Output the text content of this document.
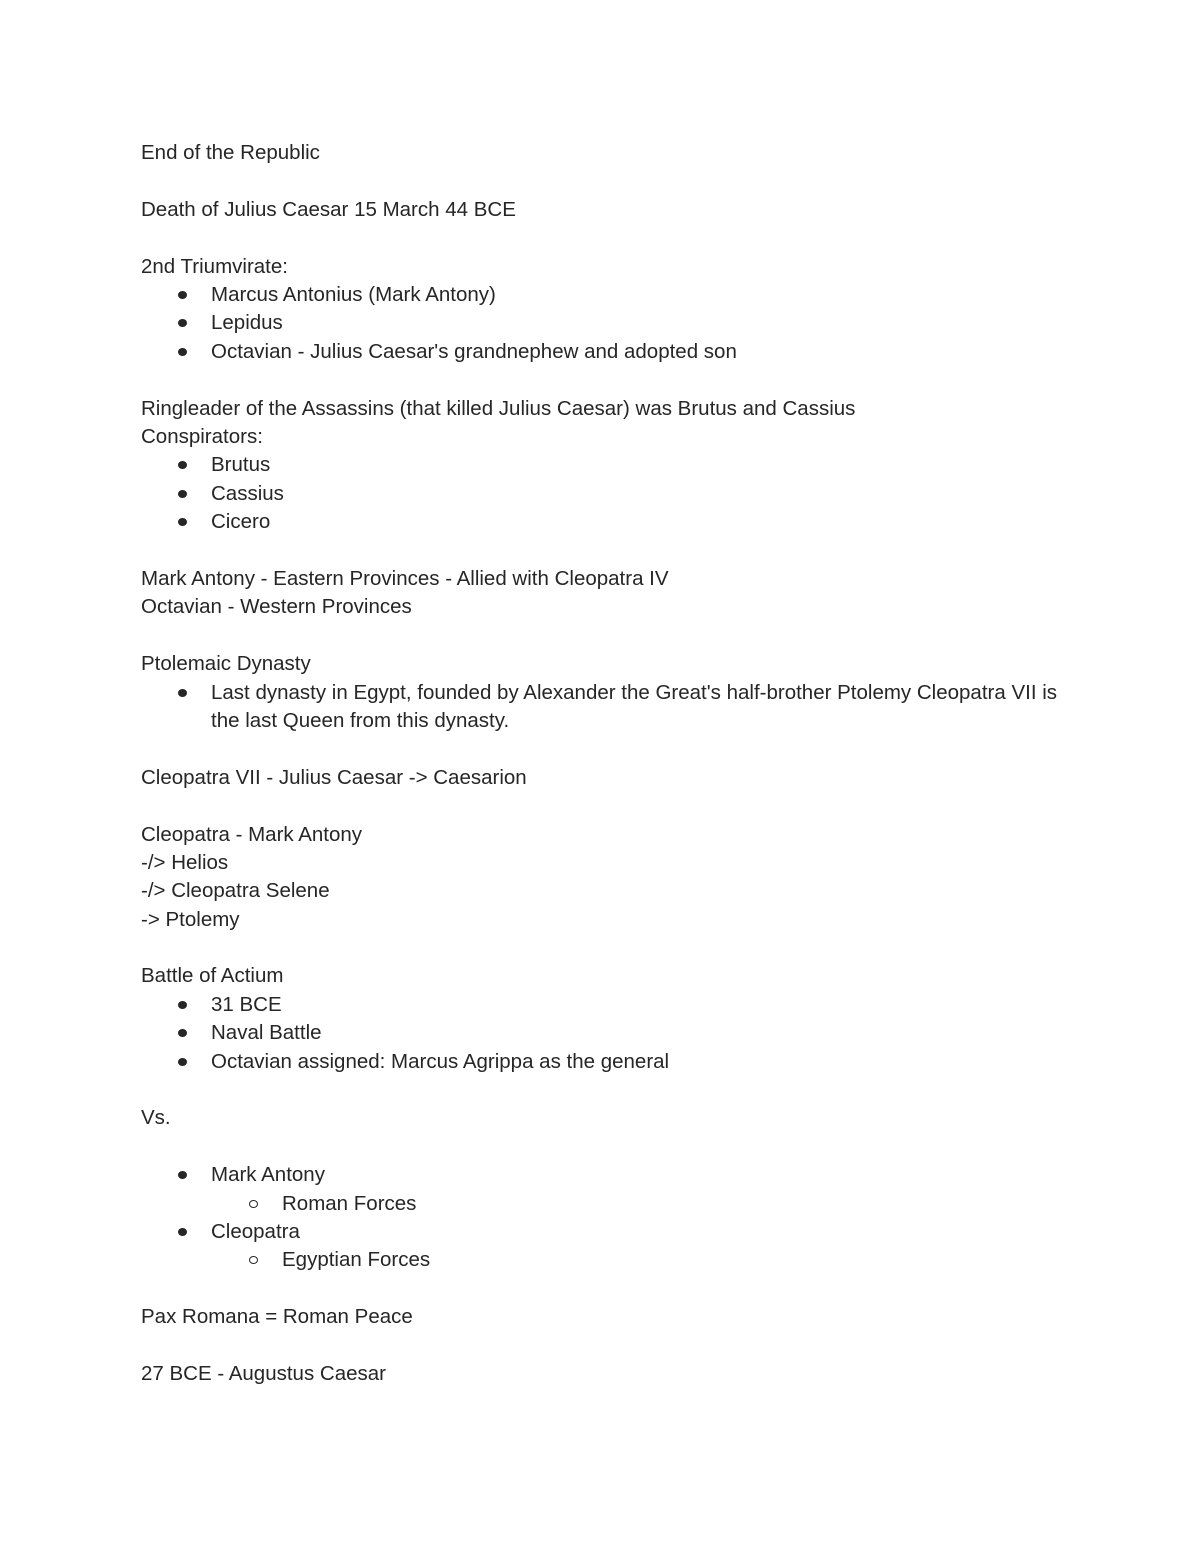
End of the Republic
Death of Julius Caesar 15 March 44 BCE
2nd Triumvirate:
Marcus Antonius (Mark Antony)
Lepidus
Octavian - Julius Caesar's grandnephew and adopted son
Ringleader of the Assassins (that killed Julius Caesar) was Brutus and Cassius
Conspirators:
Brutus
Cassius
Cicero
Mark Antony - Eastern Provinces - Allied with Cleopatra IV
Octavian - Western Provinces
Ptolemaic Dynasty
Last dynasty in Egypt, founded by Alexander the Great's half-brother Ptolemy Cleopatra VII is the last Queen from this dynasty.
Cleopatra VII - Julius Caesar -> Caesarion
Cleopatra - Mark Antony
-/> Helios
-/> Cleopatra Selene
-> Ptolemy
Battle of Actium
31 BCE
Naval Battle
Octavian assigned: Marcus Agrippa as the general
Vs.
Mark Antony
Roman Forces
Cleopatra
Egyptian Forces
Pax Romana = Roman Peace
27 BCE - Augustus Caesar
